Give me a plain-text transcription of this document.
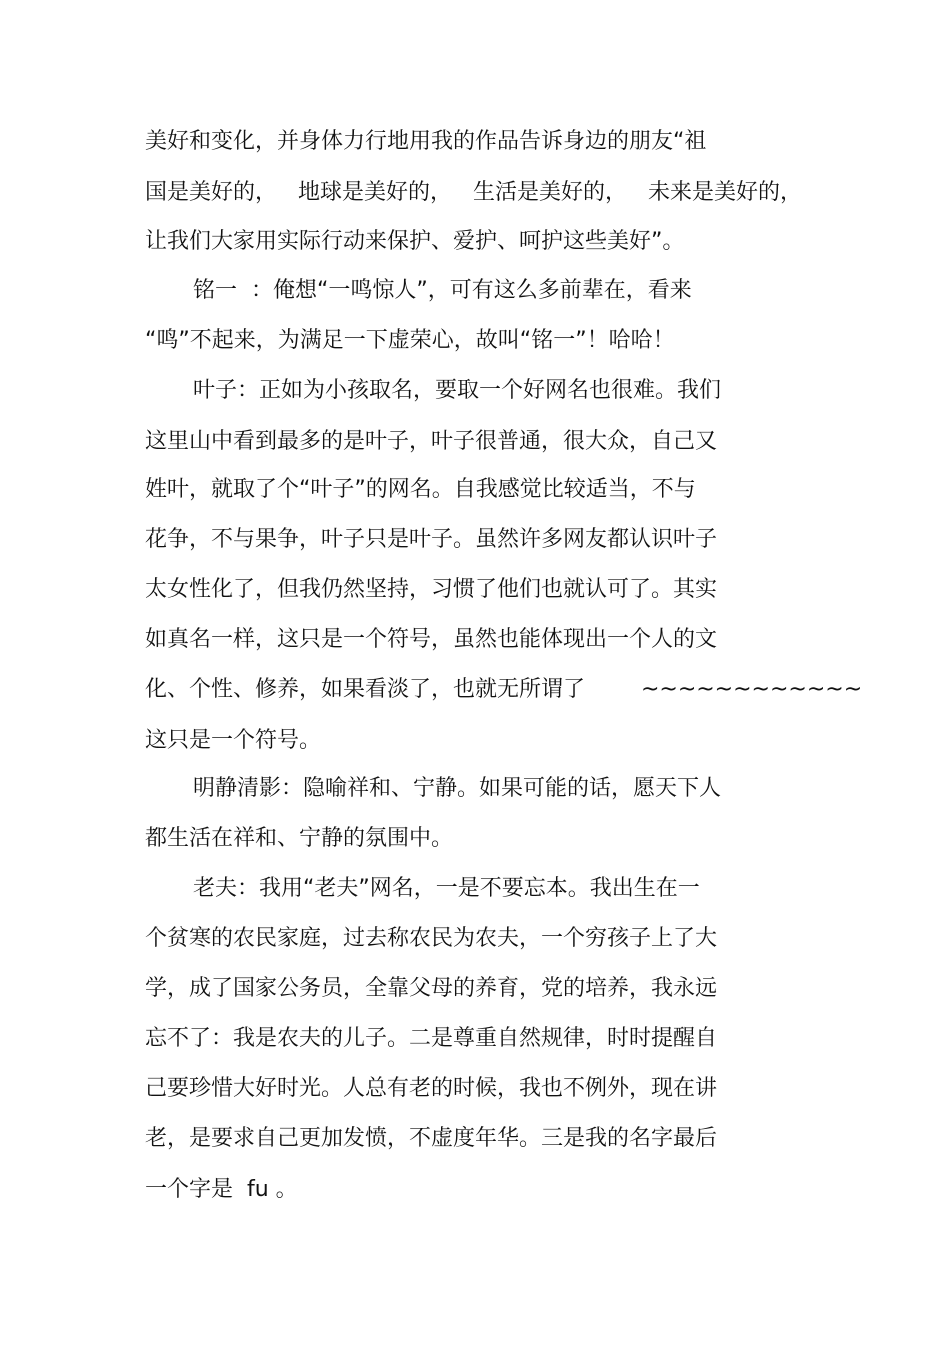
美好和变化，并身体力行地用我的作品告诉身边的朋友“祖

国是美好的，   地球是美好的，   生活是美好的，   未来是美好的，

让我们大家用实际行动来保护、爱护、呵护这些美好”。

铭一  ：俺想“一鸣惊人”，可有这么多前辈在，看来

“鸣”不起来，为满足一下虚荣心，故叫“铭一”！哈哈！

叶子：正如为小孩取名，要取一个好网名也很难。我们

这里山中看到最多的是叶子，叶子很普通，很大众，自己又

姓叶，就取了个“叶子”的网名。自我感觉比较适当，不与

花争，不与果争，叶子只是叶子。虽然许多网友都认识叶子

太女性化了，但我仍然坚持，习惯了他们也就认可了。其实

如真名一样，这只是一个符号，虽然也能体现出一个人的文

化、个性、修养，如果看淡了，也就无所谓了        ~~~~~~~~~~~~

这只是一个符号。

明静清影：隐喻祥和、宁静。如果可能的话，愿天下人

都生活在祥和、宁静的氛围中。

老夫：我用“老夫”网名，一是不要忘本。我出生在一

个贫寒的农民家庭，过去称农民为农夫，一个穷孩子上了大

学，成了国家公务员，全靠父母的养育，党的培养，我永远

忘不了：我是农夫的儿子。二是尊重自然规律，时时提醒自

己要珍惜大好时光。人总有老的时候，我也不例外，现在讲

老，是要求自己更加发愤，不虚度年华。三是我的名字最后

一个字是  fu 。
